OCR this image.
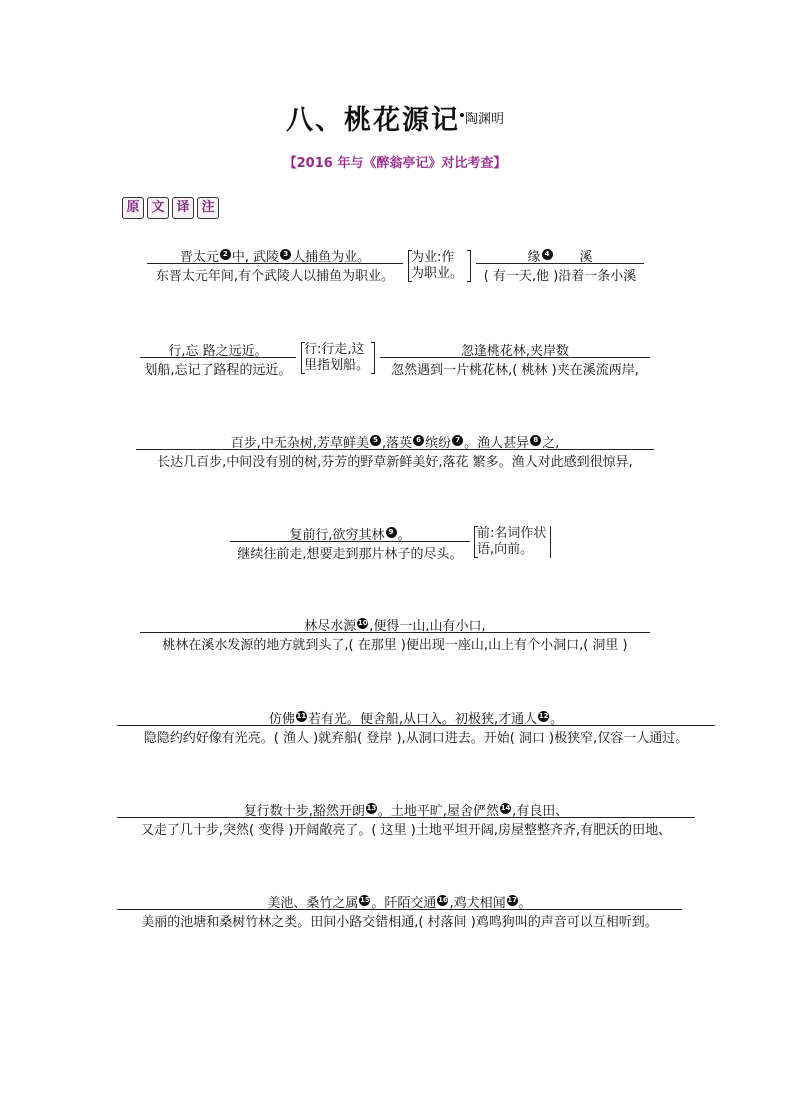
八、桃花源记 $^{陶渊明}$
【2016 年与《醉翁亭记》对比考查】
原 文 译 注
晋太元 2 中, 武陵 3 人捕鱼为业。
东晋太元年间,有个武陵人以捕鱼为职业。
为业:作
为职业。
缘 4 溪
( 有一天,他 )沿着一条小溪
行,忘 路之远近。
划船,忘记了路程的远近。
行:行走,这
里指划船。
忽逢桃花林,夹岸数
忽然遇到一片桃花林,( 桃林 )夹在溪流两岸,
百步,中无杂树,芳草鲜美 5 ,落英 6 缤纷 7 。渔人甚异 8 之,
长达几百步,中间没有别的树,芬芳的野草新鲜美好,落花 繁多。渔人对此感到很惊异,
复前行,欲穷其林 9 。
继续往前走,想要走到那片林子的尽头。
前:名词作状
语,向前。
林尽水源 10 ,便得一山,山有小口,
桃林在溪水发源的地方就到头了,( 在那里 )便出现一座山,山上有个小洞口,( 洞里 )
仿佛 11 若有光。便舍船,从口入。初极狭,才通人 12 。
隐隐约约好像有光亮。( 渔人 )就弃船( 登岸 ),从洞口进去。开始( 洞口 )极狭窄,仅容一人通过。
复行数十步,豁然开朗 13 。土地平旷,屋舍俨然 14 ,有良田、
又走了几十步,突然( 变得 )开阔敞亮了。( 这里 )土地平坦开阔,房屋整整齐齐,有肥沃的田地、
美池、桑竹之属 15 。阡陌交通 16 ,鸡犬相闻 17 。
美丽的池塘和桑树竹林之类。田间小路交错相通,( 村落间 )鸡鸣狗叫的声音可以互相听到。
